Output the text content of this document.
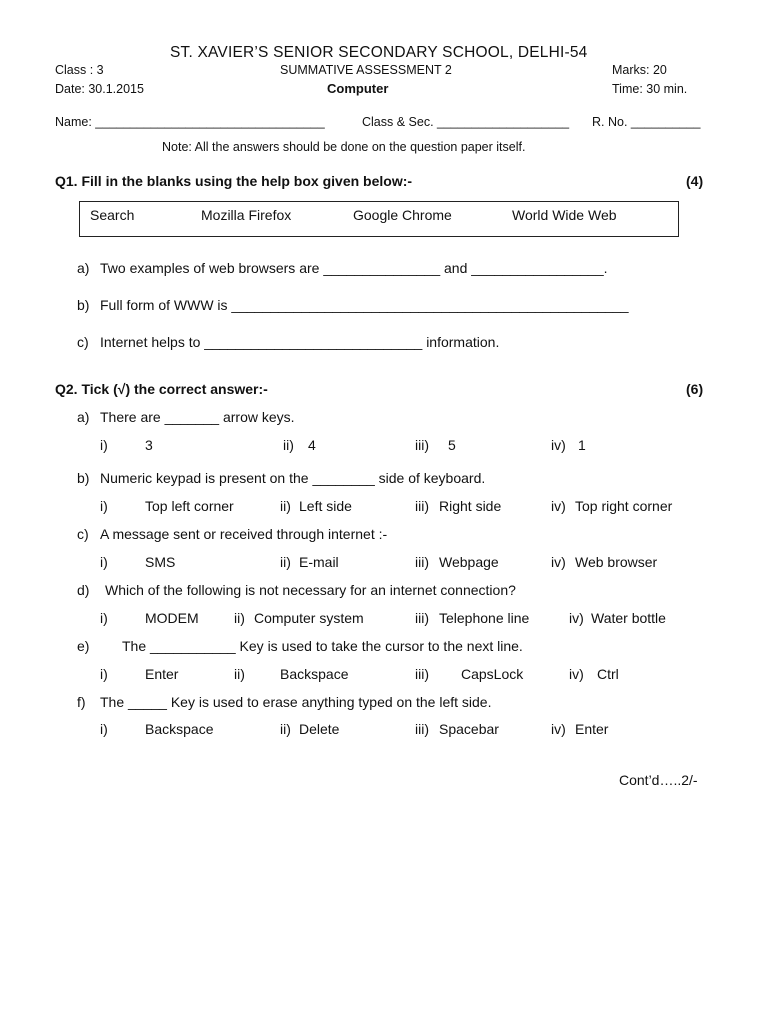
ST. XAVIER’S SENIOR SECONDARY SCHOOL, DELHI-54
Class : 3	SUMMATIVE ASSESSMENT 2	Marks: 20
Date: 30.1.2015	Computer	Time: 30 min.
Name: _________________________________	Class & Sec. ___________________ R. No. __________
Note: All the answers should be done on the question paper itself.
Q1. Fill in the blanks using the help box given below:-	(4)
Search	Mozilla Firefox	Google Chrome	World Wide Web
a) Two examples of web browsers are _______________ and _________________.
b) Full form of WWW is ___________________________________________________
c) Internet helps to ____________________________ information.
Q2. Tick (√) the correct answer:-	(6)
a) There are _______ arrow keys.
i)	3	ii) 4	iii) 5	iv) 1
b) Numeric keypad is present on the ________ side of keyboard.
i)	Top left corner	ii) Left side	iii) Right side	iv) Top right corner
c) A message sent or received through internet :-
i)	SMS	ii) E-mail	iii) Webpage	iv) Web browser
d) Which of the following is not necessary for an internet connection?
i)	MODEM	ii) Computer system	iii) Telephone line	iv) Water bottle
e) The ___________ Key is used to take the cursor to the next line.
i)	Enter	ii)	Backspace	iii) CapsLock	iv) Ctrl
f) The _____ Key is used to erase anything typed on the left side.
i)	Backspace	ii) Delete	iii) Spacebar	iv) Enter
Cont’d…..2/-
